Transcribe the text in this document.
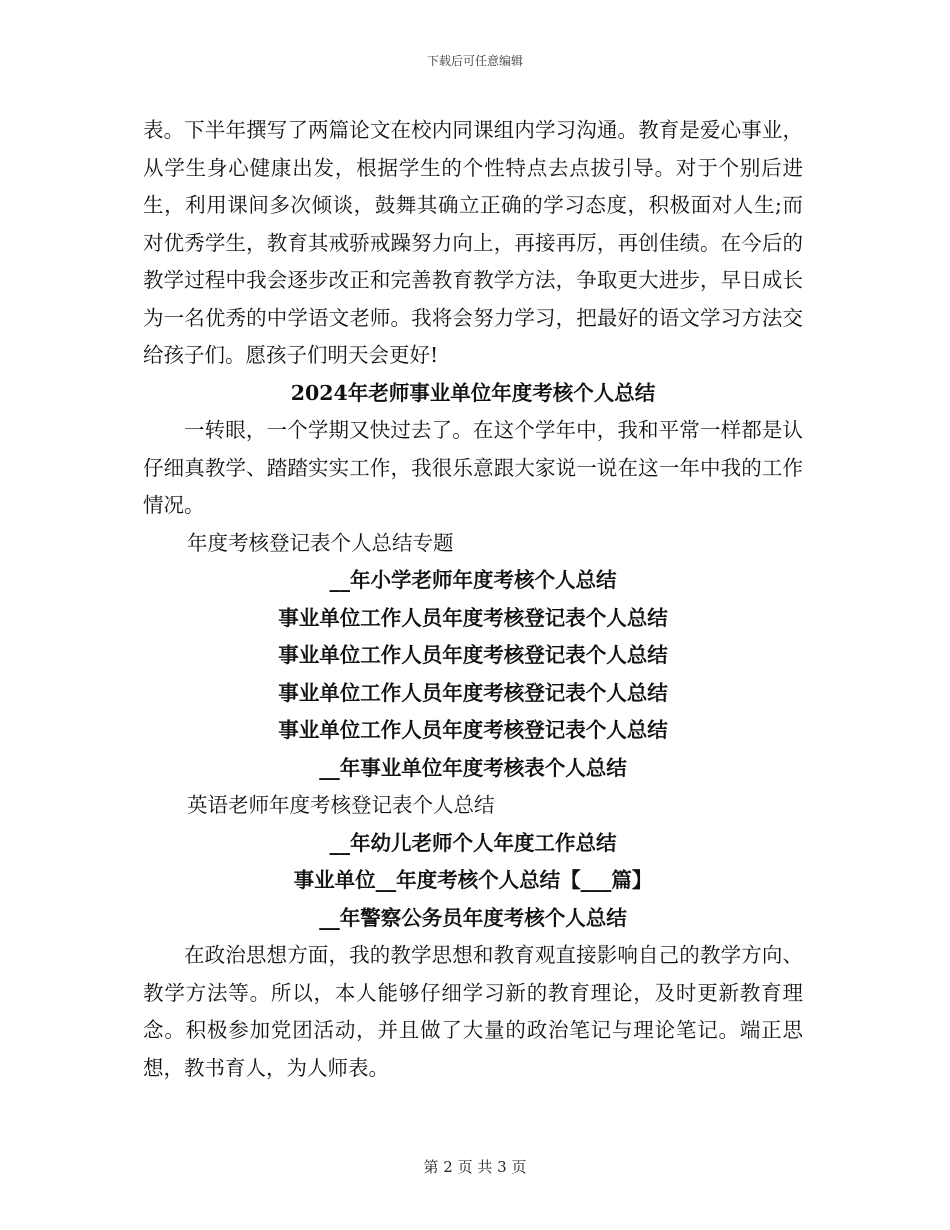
下载后可任意编辑

表。下半年撰写了两篇论文在校内同课组内学习沟通。教育是爱心事业，从学生身心健康出发，根据学生的个性特点去点拔引导。对于个别后进生，利用课间多次倾谈，鼓舞其确立正确的学习态度，积极面对人生;而对优秀学生，教育其戒骄戒躁努力向上，再接再厉，再创佳绩。在今后的教学过程中我会逐步改正和完善教育教学方法，争取更大进步，早日成长为一名优秀的中学语文老师。我将会努力学习，把最好的语文学习方法交给孩子们。愿孩子们明天会更好!

2024年老师事业单位年度考核个人总结

一转眼，一个学期又快过去了。在这个学年中，我和平常一样都是认仔细真教学、踏踏实实工作，我很乐意跟大家说一说在这一年中我的工作情况。

年度考核登记表个人总结专题

__年小学老师年度考核个人总结

事业单位工作人员年度考核登记表个人总结

事业单位工作人员年度考核登记表个人总结

事业单位工作人员年度考核登记表个人总结

事业单位工作人员年度考核登记表个人总结

__年事业单位年度考核表个人总结

英语老师年度考核登记表个人总结

__年幼儿老师个人年度工作总结

事业单位__年度考核个人总结【___篇】

__年警察公务员年度考核个人总结

在政治思想方面，我的教学思想和教育观直接影响自己的教学方向、教学方法等。所以，本人能够仔细学习新的教育理论，及时更新教育理念。积极参加党团活动，并且做了大量的政治笔记与理论笔记。端正思想，教书育人，为人师表。

第 2 页 共 3 页
